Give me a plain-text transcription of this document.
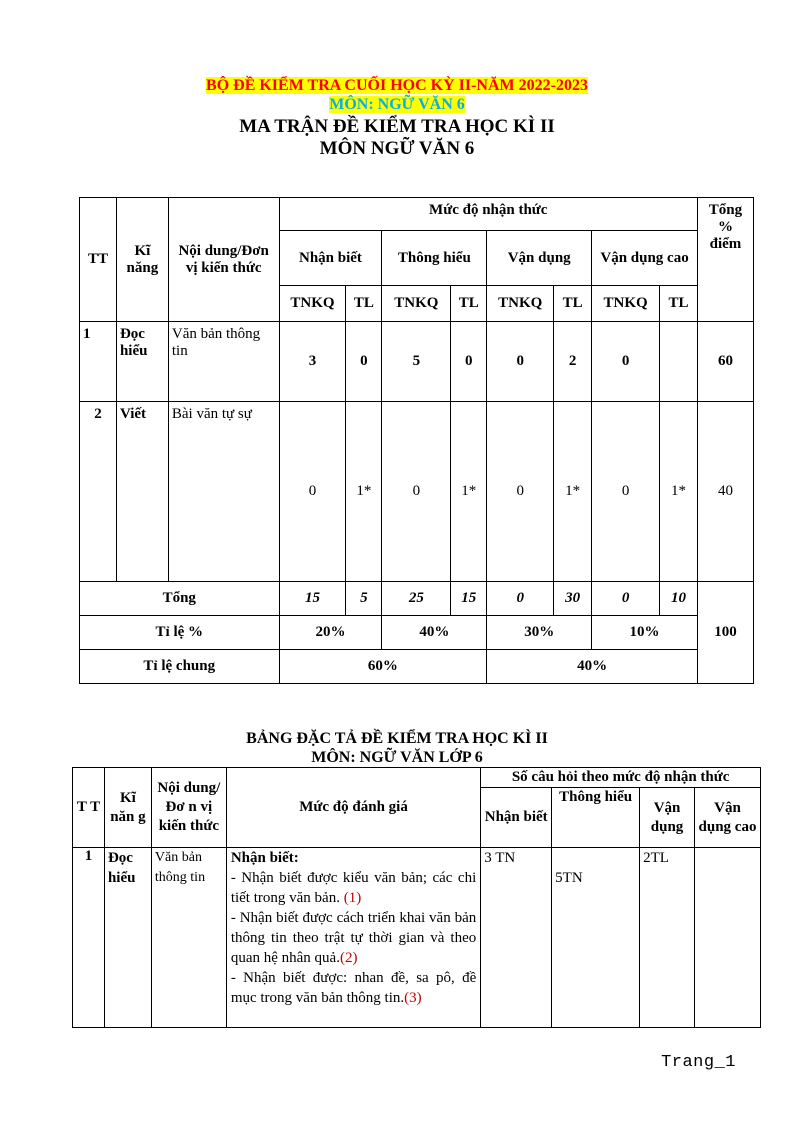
BỘ ĐỀ KIỂM TRA CUỐI HỌC KỲ II-NĂM 2022-2023
MÔN: NGỮ VĂN 6
MA TRẬN ĐỀ KIỂM TRA HỌC KÌ II
MÔN NGỮ VĂN 6
TT	Kĩ năng	Nội dung/Đơn vị kiến thức	Mức độ nhận thức								Tổng % điểm
			Nhận biết		Thông hiểu		Vận dụng		Vận dụng cao		
			TNKQ	TL	TNKQ	TL	TNKQ	TL	TNKQ	TL	
1	Đọc hiểu	Văn bản thông tin	3	0	5	0	0	2	0		60
2	Viết	Bài văn tự sự	0	1*	0	1*	0	1*	0	1*	40
Tổng			15	5	25	15	0	30	0	10	100
Tỉ lệ %			20%		40%		30%		10%		
Tỉ lệ chung			60%				40%				
BẢNG ĐẶC TẢ ĐỀ KIỂM TRA HỌC KÌ II
MÔN: NGỮ VĂN LỚP 6
T T	Kĩ năn g	Nội dung/Đơ n vị kiến thức	Mức độ đánh giá	Số câu hỏi theo mức độ nhận thức			
				Nhận biết	Thông hiểu	Vận dụng	Vận dụng cao
1	Đọc hiểu	Văn bản thông tin	Nhận biết:
- Nhận biết được kiểu văn bản; các chi tiết trong văn bản. (1)
- Nhận biết được cách triển khai văn bản thông tin theo trật tự thời gian và theo quan hệ nhân quả.(2)
- Nhận biết được: nhan đề, sa pô, đề mục trong văn bản thông tin.(3)	3 TN	5TN	2TL	
Trang_1
